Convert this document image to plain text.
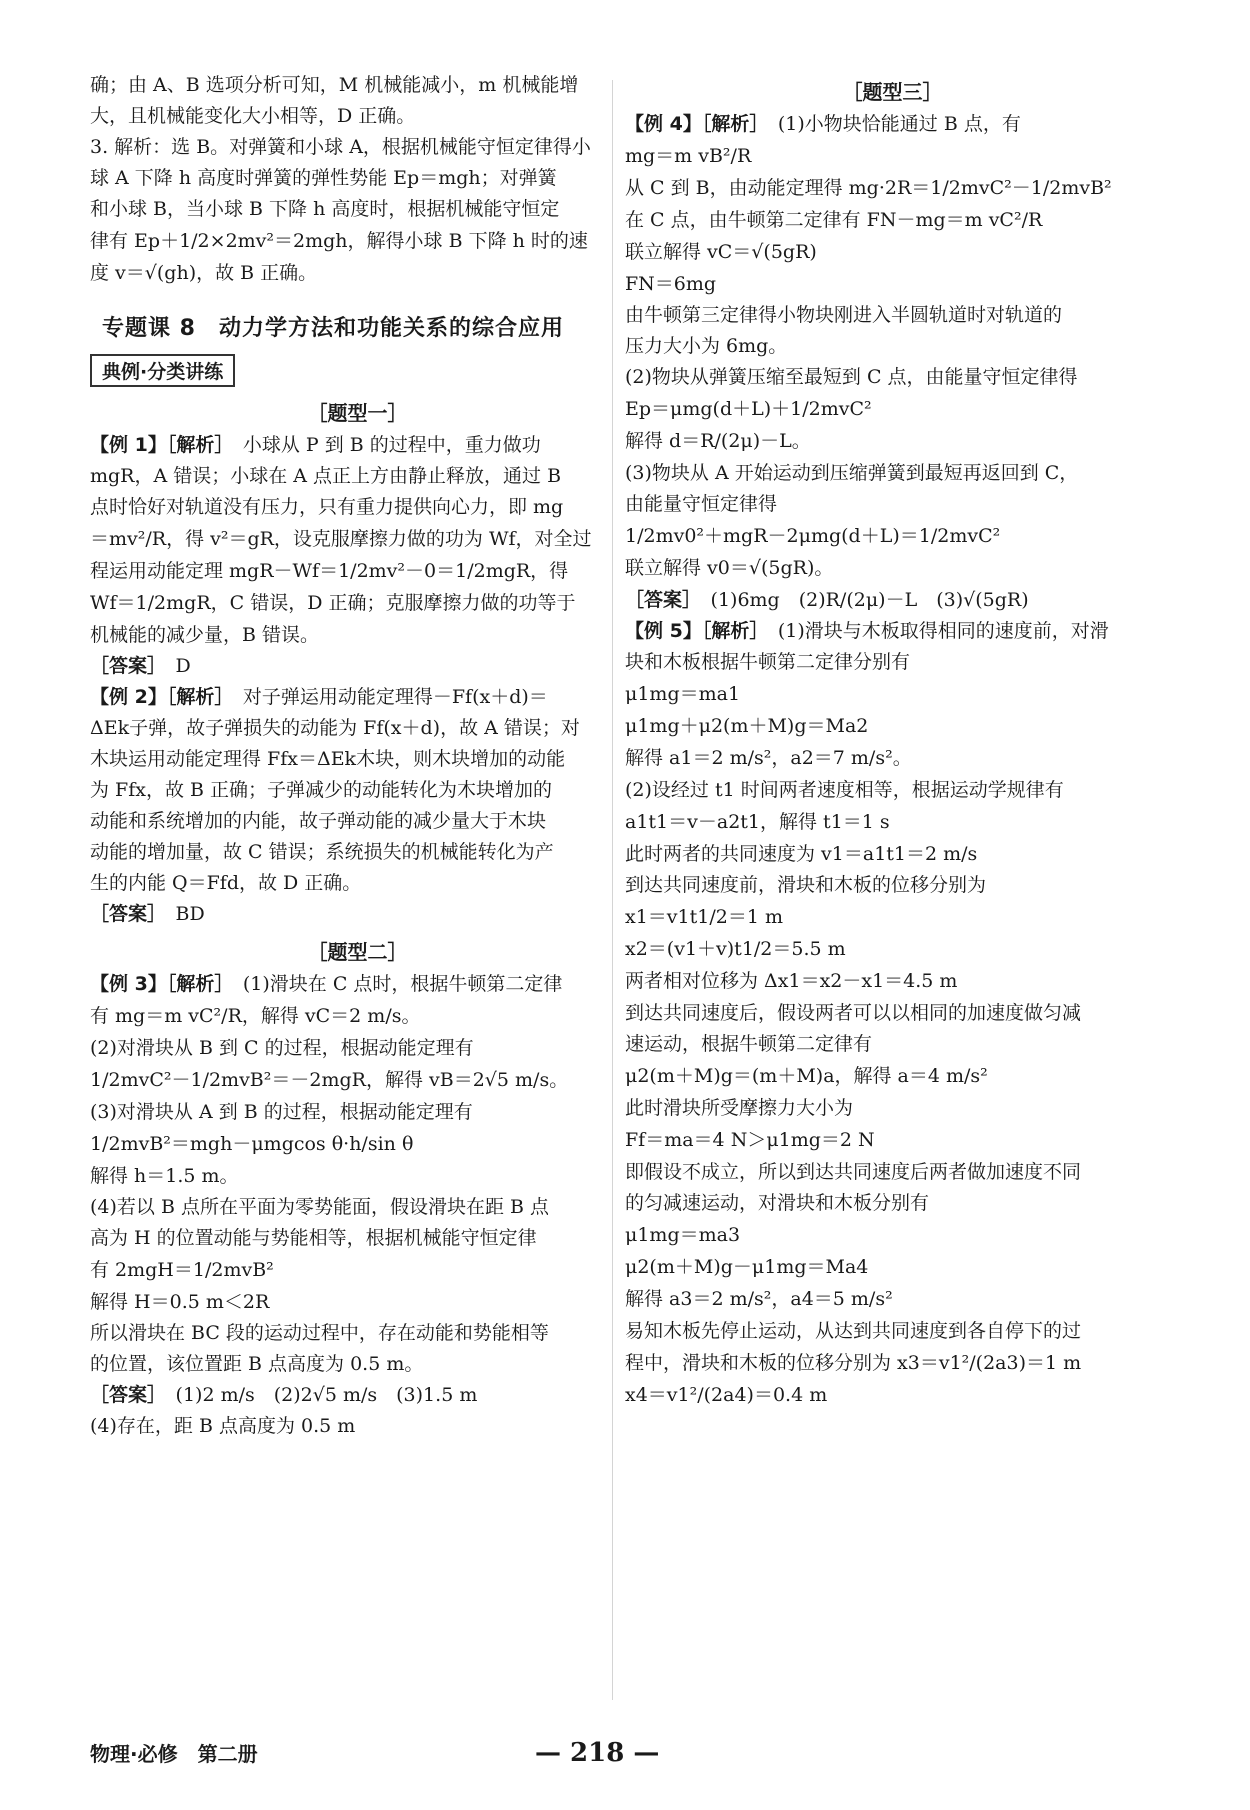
确；由 A、B 选项分析可知，M 机械能减小，m 机械能增
大，且机械能变化大小相等，D 正确。
3. 解析：选 B。对弹簧和小球 A，根据机械能守恒定律得小
球 A 下降 h 高度时弹簧的弹性势能 Ep＝mgh；对弹簧
和小球 B，当小球 B 下降 h 高度时，根据机械能守恒定
律有 Ep＋1/2×2mv²＝2mgh，解得小球 B 下降 h 时的速
度 v＝√(gh)，故 B 正确。
专题课 8　动力学方法和功能关系的综合应用
典例·分类讲练
［题型一］
【例 1】［解析］　小球从 P 到 B 的过程中，重力做功
mgR，A 错误；小球在 A 点正上方由静止释放，通过 B
点时恰好对轨道没有压力，只有重力提供向心力，即 mg
＝mv²/R，得 v²＝gR，设克服摩擦力做的功为 Wf，对全过
程运用动能定理 mgR－Wf＝1/2mv²－0＝1/2mgR，得
Wf＝1/2mgR，C 错误，D 正确；克服摩擦力做的功等于
机械能的减少量，B 错误。
［答案］　 D
【例 2】［解析］　对子弹运用动能定理得－Ff(x＋d)＝
ΔEk子弹，故子弹损失的动能为 Ff(x＋d)，故 A 错误；对
木块运用动能定理得 Ffx＝ΔEk木块，则木块增加的动能
为 Ffx，故 B 正确；子弹减少的动能转化为木块增加的
动能和系统增加的内能，故子弹动能的减少量大于木块
动能的增加量，故 C 错误；系统损失的机械能转化为产
生的内能 Q＝Ffd，故 D 正确。
［答案］　 BD
［题型二］
【例 3】［解析］　(1)滑块在 C 点时，根据牛顿第二定律
有 mg＝m vC²/R，解得 vC＝2 m/s。
(2)对滑块从 B 到 C 的过程，根据动能定理有
1/2mvC²－1/2mvB²＝－2mgR，解得 vB＝2√5 m/s。
(3)对滑块从 A 到 B 的过程，根据动能定理有
1/2mvB²＝mgh－μmgcos θ·h/sin θ
解得 h＝1.5 m。
(4)若以 B 点所在平面为零势能面，假设滑块在距 B 点
高为 H 的位置动能与势能相等，根据机械能守恒定律
有 2mgH＝1/2mvB²
解得 H＝0.5 m＜2R
所以滑块在 BC 段的运动过程中，存在动能和势能相等
的位置，该位置距 B 点高度为 0.5 m。
［答案］　 (1)2 m/s　(2)2√5 m/s　(3)1.5 m
(4)存在，距 B 点高度为 0.5 m
［题型三］
【例 4】［解析］　(1)小物块恰能通过 B 点，有
mg＝m vB²/R
从 C 到 B，由动能定理得 mg·2R＝1/2mvC²－1/2mvB²
在 C 点，由牛顿第二定律有 FN－mg＝m vC²/R
联立解得 vC＝√(5gR)
FN＝6mg
由牛顿第三定律得小物块刚进入半圆轨道时对轨道的
压力大小为 6mg。
(2)物块从弹簧压缩至最短到 C 点，由能量守恒定律得
Ep＝μmg(d＋L)＋1/2mvC²
解得 d＝R/(2μ)－L。
(3)物块从 A 开始运动到压缩弹簧到最短再返回到 C，
由能量守恒定律得
1/2mv0²＋mgR－2μmg(d＋L)＝1/2mvC²
联立解得 v0＝√(5gR)。
［答案］　 (1)6mg　(2)R/(2μ)－L　(3)√(5gR)
【例 5】［解析］　(1)滑块与木板取得相同的速度前，对滑
块和木板根据牛顿第二定律分别有
μ1mg＝ma1
μ1mg＋μ2(m＋M)g＝Ma2
解得 a1＝2 m/s²，a2＝7 m/s²。
(2)设经过 t1 时间两者速度相等，根据运动学规律有
a1t1＝v－a2t1，解得 t1＝1 s
此时两者的共同速度为 v1＝a1t1＝2 m/s
到达共同速度前，滑块和木板的位移分别为
x1＝v1t1/2＝1 m
x2＝(v1＋v)t1/2＝5.5 m
两者相对位移为 Δx1＝x2－x1＝4.5 m
到达共同速度后，假设两者可以以相同的加速度做匀减
速运动，根据牛顿第二定律有
μ2(m＋M)g＝(m＋M)a，解得 a＝4 m/s²
此时滑块所受摩擦力大小为
Ff＝ma＝4 N＞μ1mg＝2 N
即假设不成立，所以到达共同速度后两者做加速度不同
的匀减速运动，对滑块和木板分别有
μ1mg＝ma3
μ2(m＋M)g－μ1mg＝Ma4
解得 a3＝2 m/s²，a4＝5 m/s²
易知木板先停止运动，从达到共同速度到各自停下的过
程中，滑块和木板的位移分别为 x3＝v1²/(2a3)＝1 m
x4＝v1²/(2a4)＝0.4 m
物理·必修　第二册	— 218 —
